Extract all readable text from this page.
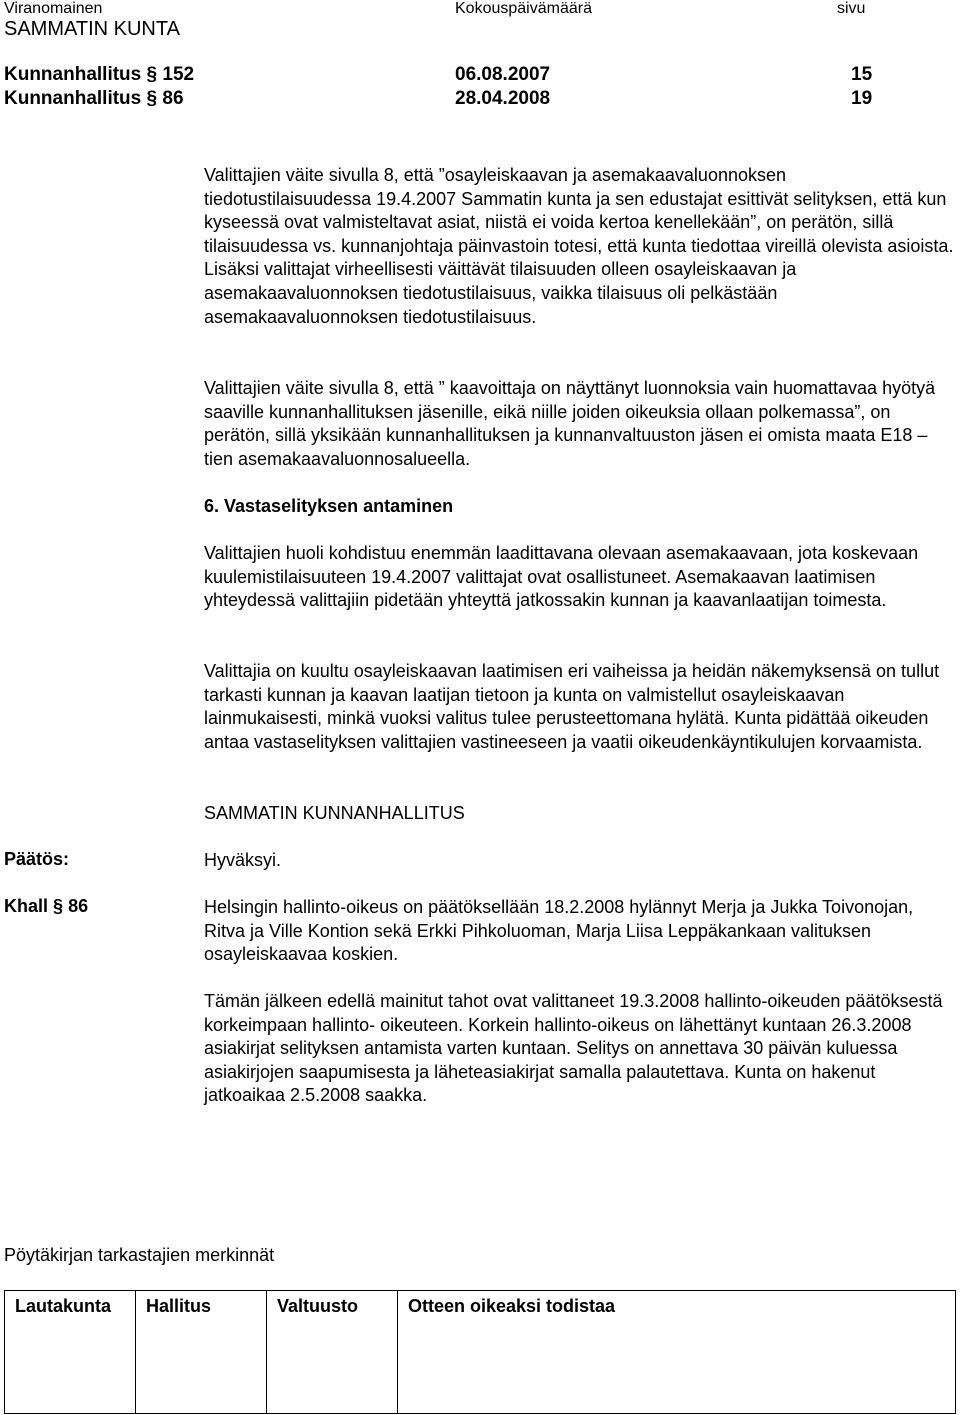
Viranomainen	Kokouspäivämäärä	sivu
SAMMATIN KUNTA
Kunnanhallitus § 152	06.08.2007	15
Kunnanhallitus § 86	28.04.2008	19

Valittajien väite sivulla 8, että ”osayleiskaavan ja asemakaavaluonnoksen tiedotustilaisuudessa 19.4.2007 Sammatin kunta ja sen edustajat esittivät selityksen, että kun kyseessä ovat valmisteltavat asiat, niistä ei voida kertoa kenellekään”, on perätön, sillä tilaisuudessa vs. kunnanjohtaja päinvastoin totesi, että kunta tiedottaa vireillä olevista asioista. Lisäksi valittajat virheellisesti väittävät tilaisuuden olleen osayleiskaavan ja asemakaavaluonnoksen tiedotustilaisuus, vaikka tilaisuus oli pelkästään asemakaavaluonnoksen tiedotustilaisuus.

Valittajien väite sivulla 8, että ” kaavoittaja on näyttänyt luonnoksia vain huomattavaa hyötyä saaville kunnanhallituksen jäsenille, eikä niille joiden oikeuksia ollaan polkemassa”, on perätön, sillä yksikään kunnanhallituksen ja kunnanvaltuuston jäsen ei omista maata E18 –tien asemakaavaluonnosalueella.

6. Vastaselityksen antaminen

Valittajien huoli kohdistuu enemmän laadittavana olevaan asemakaavaan, jota koskevaan kuulemistilaisuuteen 19.4.2007 valittajat ovat osallistuneet. Asemakaavan laatimisen yhteydessä valittajiin pidetään yhteyttä jatkossakin kunnan ja kaavanlaatijan toimesta.

Valittajia on kuultu osayleiskaavan laatimisen eri vaiheissa ja heidän näkemyksensä on tullut tarkasti kunnan ja kaavan laatijan tietoon ja kunta on valmistellut osayleiskaavan lainmukaisesti, minkä vuoksi valitus tulee perusteettomana hylätä. Kunta pidättää oikeuden antaa vastaselityksen valittajien vastineeseen ja vaatii oikeudenkäyntikulujen korvaamista.

SAMMATIN KUNNANHALLITUS
Päätös:	Hyväksyi.
Khall § 86	Helsingin hallinto-oikeus on päätöksellään 18.2.2008 hylännyt Merja ja Jukka Toivonojan, Ritva ja Ville Kontion sekä Erkki Pihkoluoman, Marja Liisa Leppäkankaan valituksen osayleiskaavaa koskien.

Tämän jälkeen edellä mainitut tahot ovat valittaneet 19.3.2008 hallinto-oikeuden päätöksestä korkeimpaan hallinto- oikeuteen. Korkein hallinto-oikeus on lähettänyt kuntaan 26.3.2008 asiakirjat selityksen antamista varten kuntaan. Selitys on annettava 30 päivän kuluessa asiakirjojen saapumisesta ja läheteasiakirjat samalla palautettava. Kunta on hakenut jatkoaikaa 2.5.2008 saakka.

Pöytäkirjan tarkastajien merkinnät
Lautakunta	Hallitus	Valtuusto	Otteen oikeaksi todistaa
